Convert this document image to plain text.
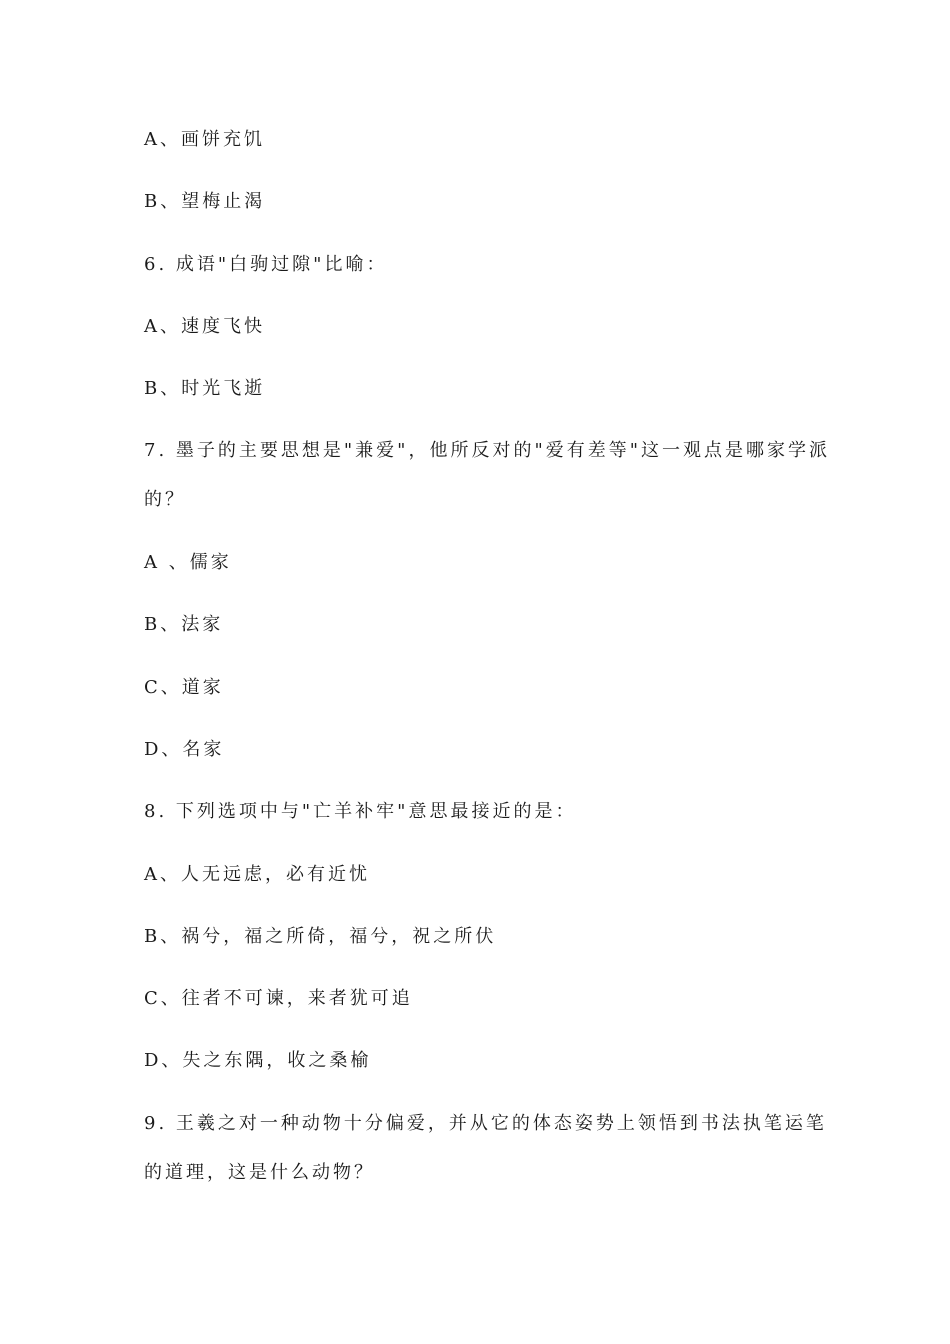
A、画饼充饥
B、望梅止渴
6. 成语"白驹过隙"比喻：
A、速度飞快
B、时光飞逝
7. 墨子的主要思想是"兼爱"，他所反对的"爱有差等"这一观点是哪家学派
的？
A 、儒家
B、法家
C、道家
D、名家
8. 下列选项中与"亡羊补牢"意思最接近的是：
A、人无远虑，必有近忧
B、祸兮，福之所倚，福兮，祝之所伏
C、往者不可谏，来者犹可追
D、失之东隅，收之桑榆
9. 王羲之对一种动物十分偏爱，并从它的体态姿势上领悟到书法执笔运笔
的道理，这是什么动物？
